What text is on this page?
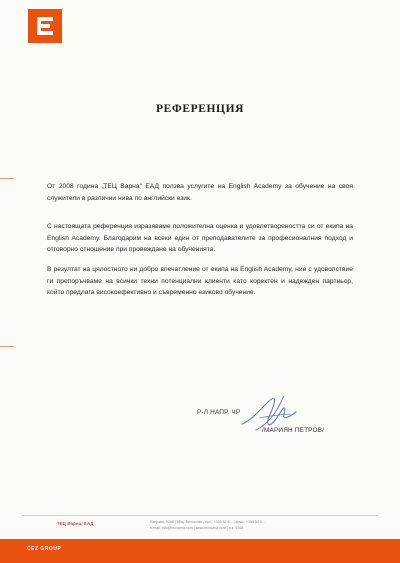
РЕФЕРЕНЦИЯ

От 2008 година „ТЕЦ Варна“ ЕАД ползва услугите на English Academy за обучение на своя служители в различни нива по английски език.

С настоящата референция изразяваме положителна оценка и удовлетвореността си от екипа на English Academy. Благодарим на всеки един от преподавателите за професионалния подход и отговорно отношение при провеждане на обученията.

В резултат на цялостното ни добро впечатление от екипа на English Academy, ние с удоволствие ги препоръчваме на всички техни потенциални клиенти като коректен и надежден партньор, който предлага високоефективно и съвременно езиково обучение.

Р-Л НАПР. ЧР
/МАРИЯН ПЕТРОВ/
ТЕЦ Варна, ЕАД	Езерово, 9168 | общ. Белослав | тел.: +359 52 6... | факс: +359 52 6...
e-mail: info@tecvarna.com | www.tecvarna.com | п.к. 9168
CEZ GROUP
